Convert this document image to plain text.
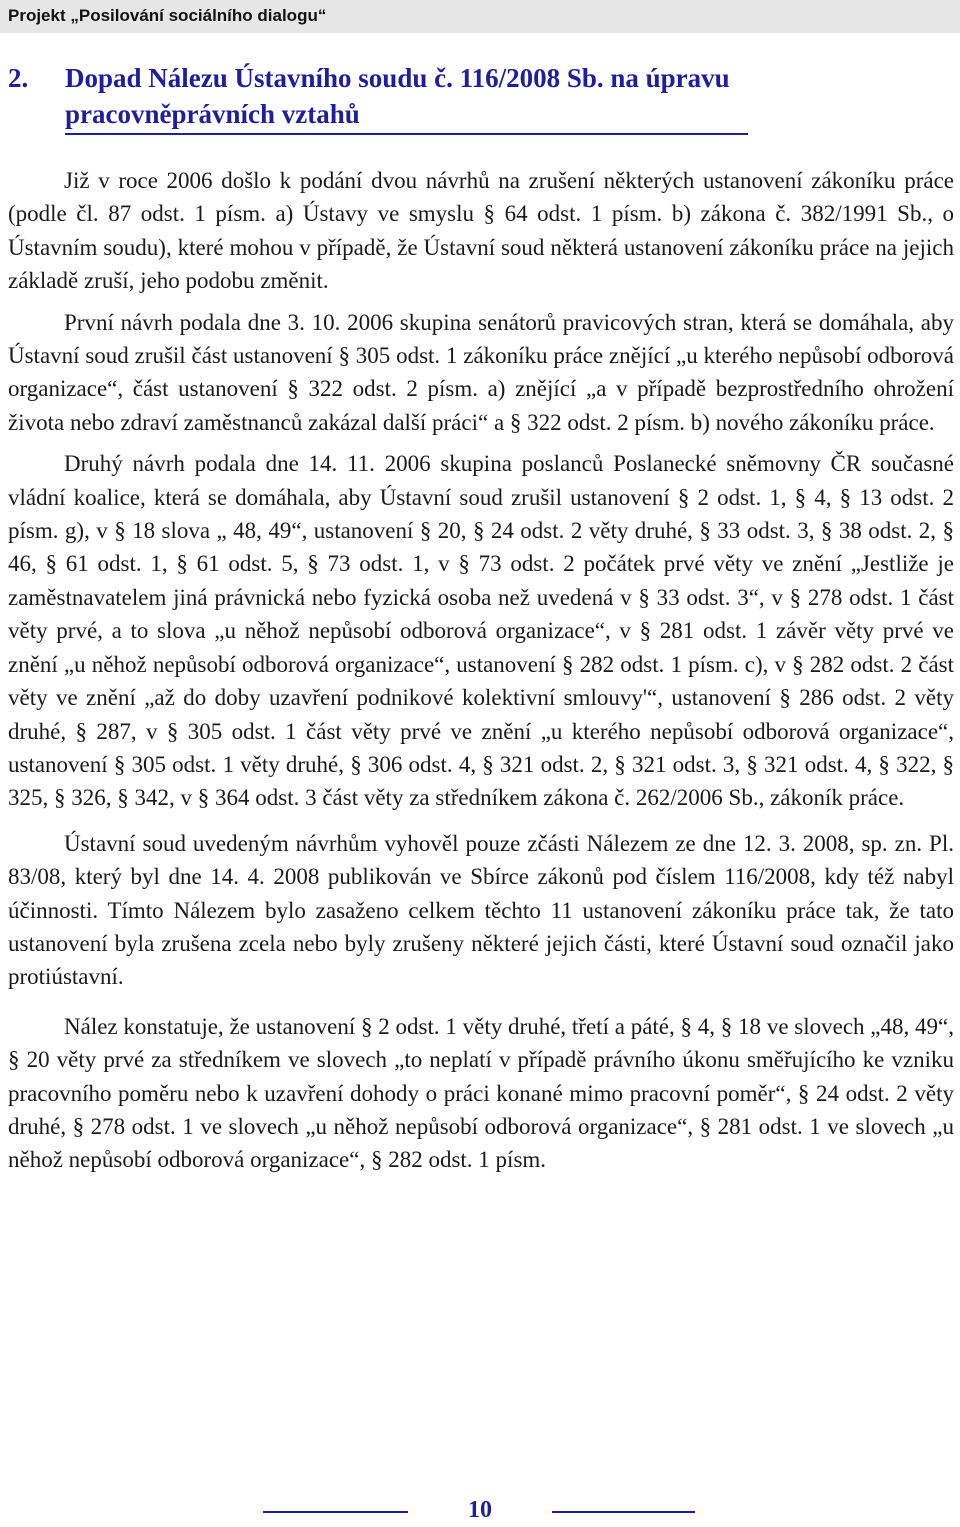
Projekt „Posilování sociálního dialogu“
2. Dopad Nálezu Ústavního soudu č. 116/2008 Sb. na úpravu pracovněprávních vztahů

Již v roce 2006 došlo k podání dvou návrhů na zrušení některých ustanovení zákoníku práce (podle čl. 87 odst. 1 písm. a) Ústavy ve smyslu § 64 odst. 1 písm. b) zákona č. 382/1991 Sb., o Ústavním soudu), které mohou v případě, že Ústavní soud některá ustanovení zákoníku práce na jejich základě zruší, jeho podobu změnit.

První návrh podala dne 3. 10. 2006 skupina senátorů pravicových stran, která se domáhala, aby Ústavní soud zrušil část ustanovení § 305 odst. 1 zákoníku práce znějící „u kterého nepůsobí odborová organizace“, část ustanovení § 322 odst. 2 písm. a) znějící „a v případě bezprostředního ohrožení života nebo zdraví zaměstnanců zakázal další práci“ a § 322 odst. 2 písm. b) nového zákoníku práce.

Druhý návrh podala dne 14. 11. 2006 skupina poslanců Poslanecké sněmovny ČR současné vládní koalice, která se domáhala, aby Ústavní soud zrušil ustanovení § 2 odst. 1, § 4, § 13 odst. 2 písm. g), v § 18 slova „ 48, 49“, ustanovení § 20, § 24 odst. 2 věty druhé, § 33 odst. 3, § 38 odst. 2, § 46, § 61 odst. 1, § 61 odst. 5, § 73 odst. 1, v § 73 odst. 2 počátek prvé věty ve znění „Jestliže je zaměstnavatelem jiná právnická nebo fyzická osoba než uvedená v § 33 odst. 3“, v § 278 odst. 1 část věty prvé, a to slova „u něhož nepůsobí odborová organizace“, v § 281 odst. 1 závěr věty prvé ve znění „u něhož nepůsobí odborová organizace“, ustanovení § 282 odst. 1 písm. c), v § 282 odst. 2 část věty ve znění „až do doby uzavření podnikové kolektivní smlouvy'“, ustanovení § 286 odst. 2 věty druhé, § 287, v § 305 odst. 1 část věty prvé ve znění „u kterého nepůsobí odborová organizace“, ustanovení § 305 odst. 1 věty druhé, § 306 odst. 4, § 321 odst. 2, § 321 odst. 3, § 321 odst. 4, § 322, § 325, § 326, § 342, v § 364 odst. 3 část věty za středníkem zákona č. 262/2006 Sb., zákoník práce.

Ústavní soud uvedeným návrhům vyhověl pouze zčásti Nálezem ze dne 12. 3. 2008, sp. zn. Pl. 83/08, který byl dne 14. 4. 2008 publikován ve Sbírce zákonů pod číslem 116/2008, kdy též nabyl účinnosti. Tímto Nálezem bylo zasaženo celkem těchto 11 ustanovení zákoníku práce tak, že tato ustanovení byla zrušena zcela nebo byly zrušeny některé jejich části, které Ústavní soud označil jako protiústavní.

Nález konstatuje, že ustanovení § 2 odst. 1 věty druhé, třetí a páté, § 4, § 18 ve slovech „48, 49“, § 20 věty prvé za středníkem ve slovech „to neplatí v případě právního úkonu směřujícího ke vzniku pracovního poměru nebo k uzavření dohody o práci konané mimo pracovní poměr“, § 24 odst. 2 věty druhé, § 278 odst. 1 ve slovech „u něhož nepůsobí odborová organizace“, § 281 odst. 1 ve slovech „u něhož nepůsobí odborová organizace“, § 282 odst. 1 písm.

10
